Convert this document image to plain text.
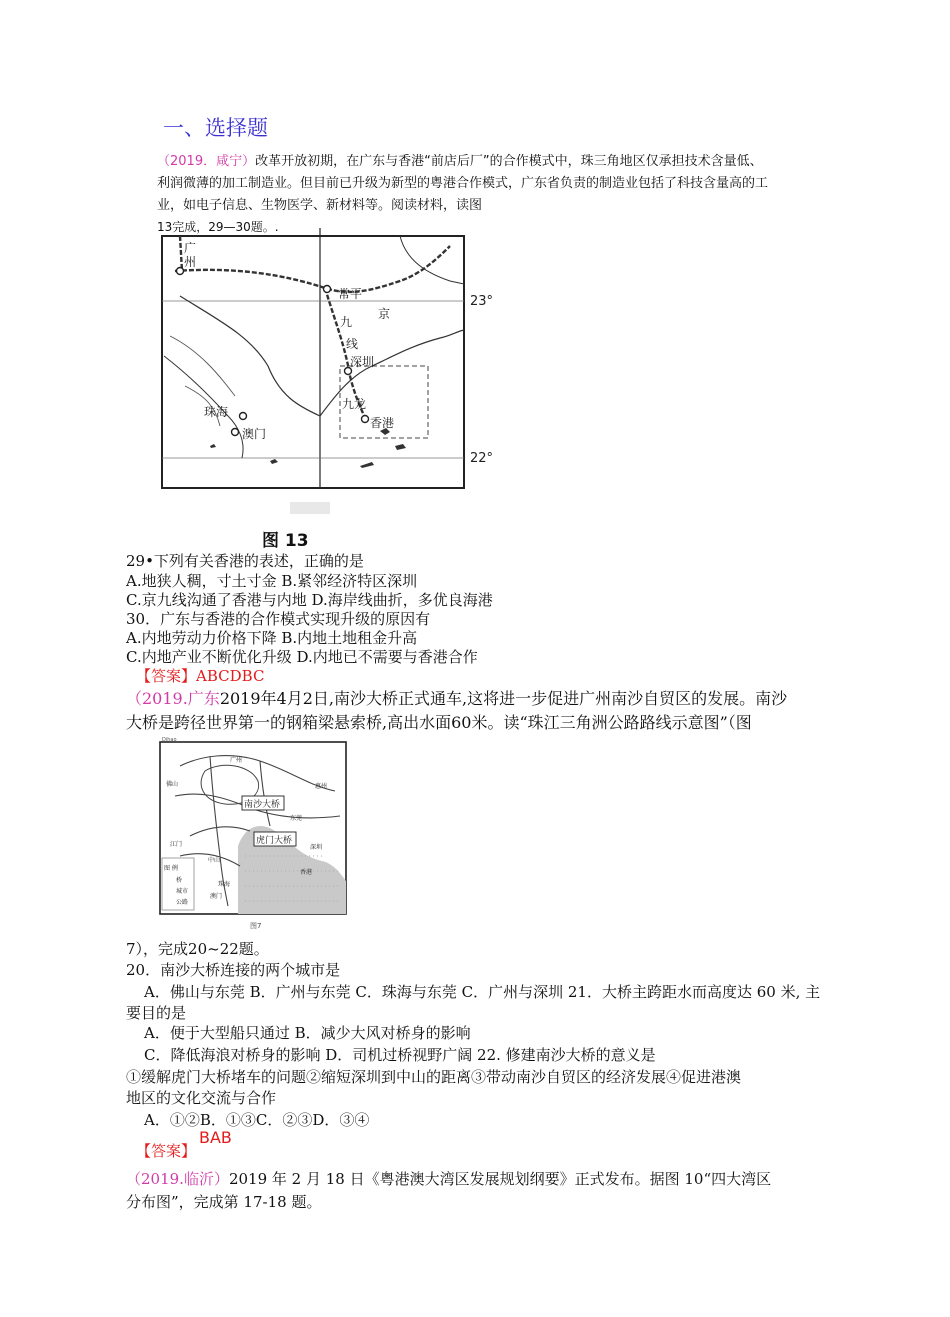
一、选择题
（2019．咸宁）改革开放初期，在广东与香港“前店后厂”的合作模式中，珠三角地区仅承担技术含量低、
利润微薄的加工制造业。但目前已升级为新型的粤港合作模式，广东省负责的制造业包括了科技含量高的工
业，如电子信息、生物医学、新材料等。阅读材料，读图
13完成，29—30题。.
广
州
常平
京
九
线
深圳
九龙
香港
珠海
澳门
23°
22°
图 13
29•下列有关香港的表述，正确的是
A.地狭人稠，寸土寸金 B.紧邻经济特区深圳
C.京九线沟通了香港与内地 D.海岸线曲折，多优良海港
30．广东与香港的合作模式实现升级的原因有
A.内地劳动力价格下降 B.内地土地租金升高
C.内地产业不断优化升级 D.内地已不需要与香港合作
【答案】ABCDBC
（2019.广东2019年4月2日,南沙大桥正式通车,这将进一步促进广州南沙自贸区的发展。南沙
大桥是跨径世界第一的钢箱梁悬索桥,高出水面60米。读“珠江三角洲公路路线示意图”（图
图 例
桥
城市
公路
南沙大桥
虎门大桥
Dihao
广州
佛山
东莞
惠州
江门
中山
深圳
香港
珠海
澳门
图7
7），完成20~22题。
20．南沙大桥连接的两个城市是
A．佛山与东莞 B．广州与东莞 C．珠海与东莞 C．广州与深圳 21．大桥主跨距水而高度达 60 米, 主
要目的是
A．便于大型船只通过 B．减少大风对桥身的影响
C．降低海浪对桥身的影响 D．司机过桥视野广阔 22. 修建南沙大桥的意义是
①缓解虎门大桥堵车的问题②缩短深圳到中山的距离③带动南沙自贸区的经济发展④促进港澳
地区的文化交流与合作
A．①②B．①③C．②③D．③④
【答案】
BAB
（2019.临沂）2019 年 2 月 18 日《粤港澳大湾区发展规划纲要》正式发布。据图 10“四大湾区
分布图”，完成第 17-18 题。
